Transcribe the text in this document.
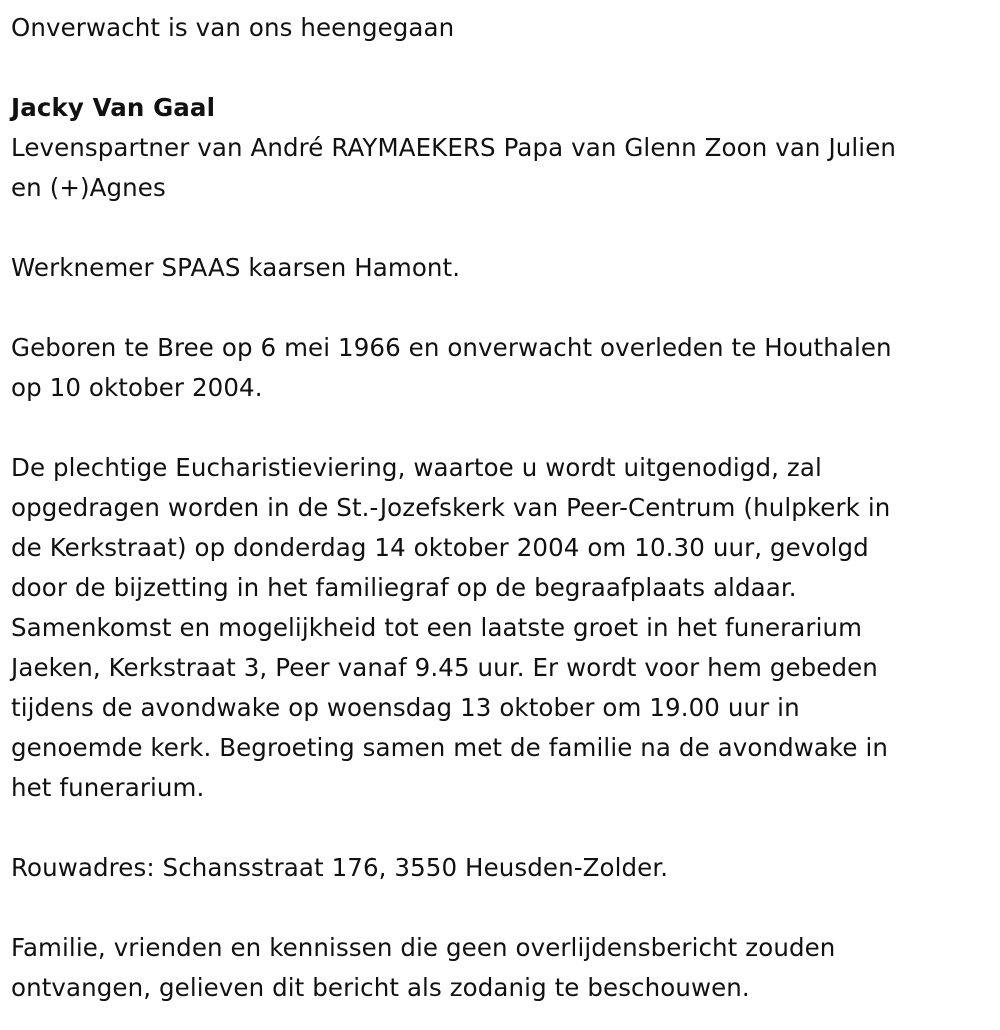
Onverwacht is van ons heengegaan

Jacky Van Gaal

Levenspartner van André RAYMAEKERS Papa van Glenn Zoon van Julien

en (+)Agnes

Werknemer SPAAS kaarsen Hamont.

Geboren te Bree op 6 mei 1966 en onverwacht overleden te Houthalen

op 10 oktober 2004.

De plechtige Eucharistieviering, waartoe u wordt uitgenodigd, zal

opgedragen worden in de St.-Jozefskerk van Peer-Centrum (hulpkerk in

de Kerkstraat) op donderdag 14 oktober 2004 om 10.30 uur, gevolgd

door de bijzetting in het familiegraf op de begraafplaats aldaar.

Samenkomst en mogelijkheid tot een laatste groet in het funerarium

Jaeken, Kerkstraat 3, Peer vanaf 9.45 uur. Er wordt voor hem gebeden

tijdens de avondwake op woensdag 13 oktober om 19.00 uur in

genoemde kerk. Begroeting samen met de familie na de avondwake in

het funerarium.

Rouwadres: Schansstraat 176, 3550 Heusden-Zolder.

Familie, vrienden en kennissen die geen overlijdensbericht zouden

ontvangen, gelieven dit bericht als zodanig te beschouwen.
